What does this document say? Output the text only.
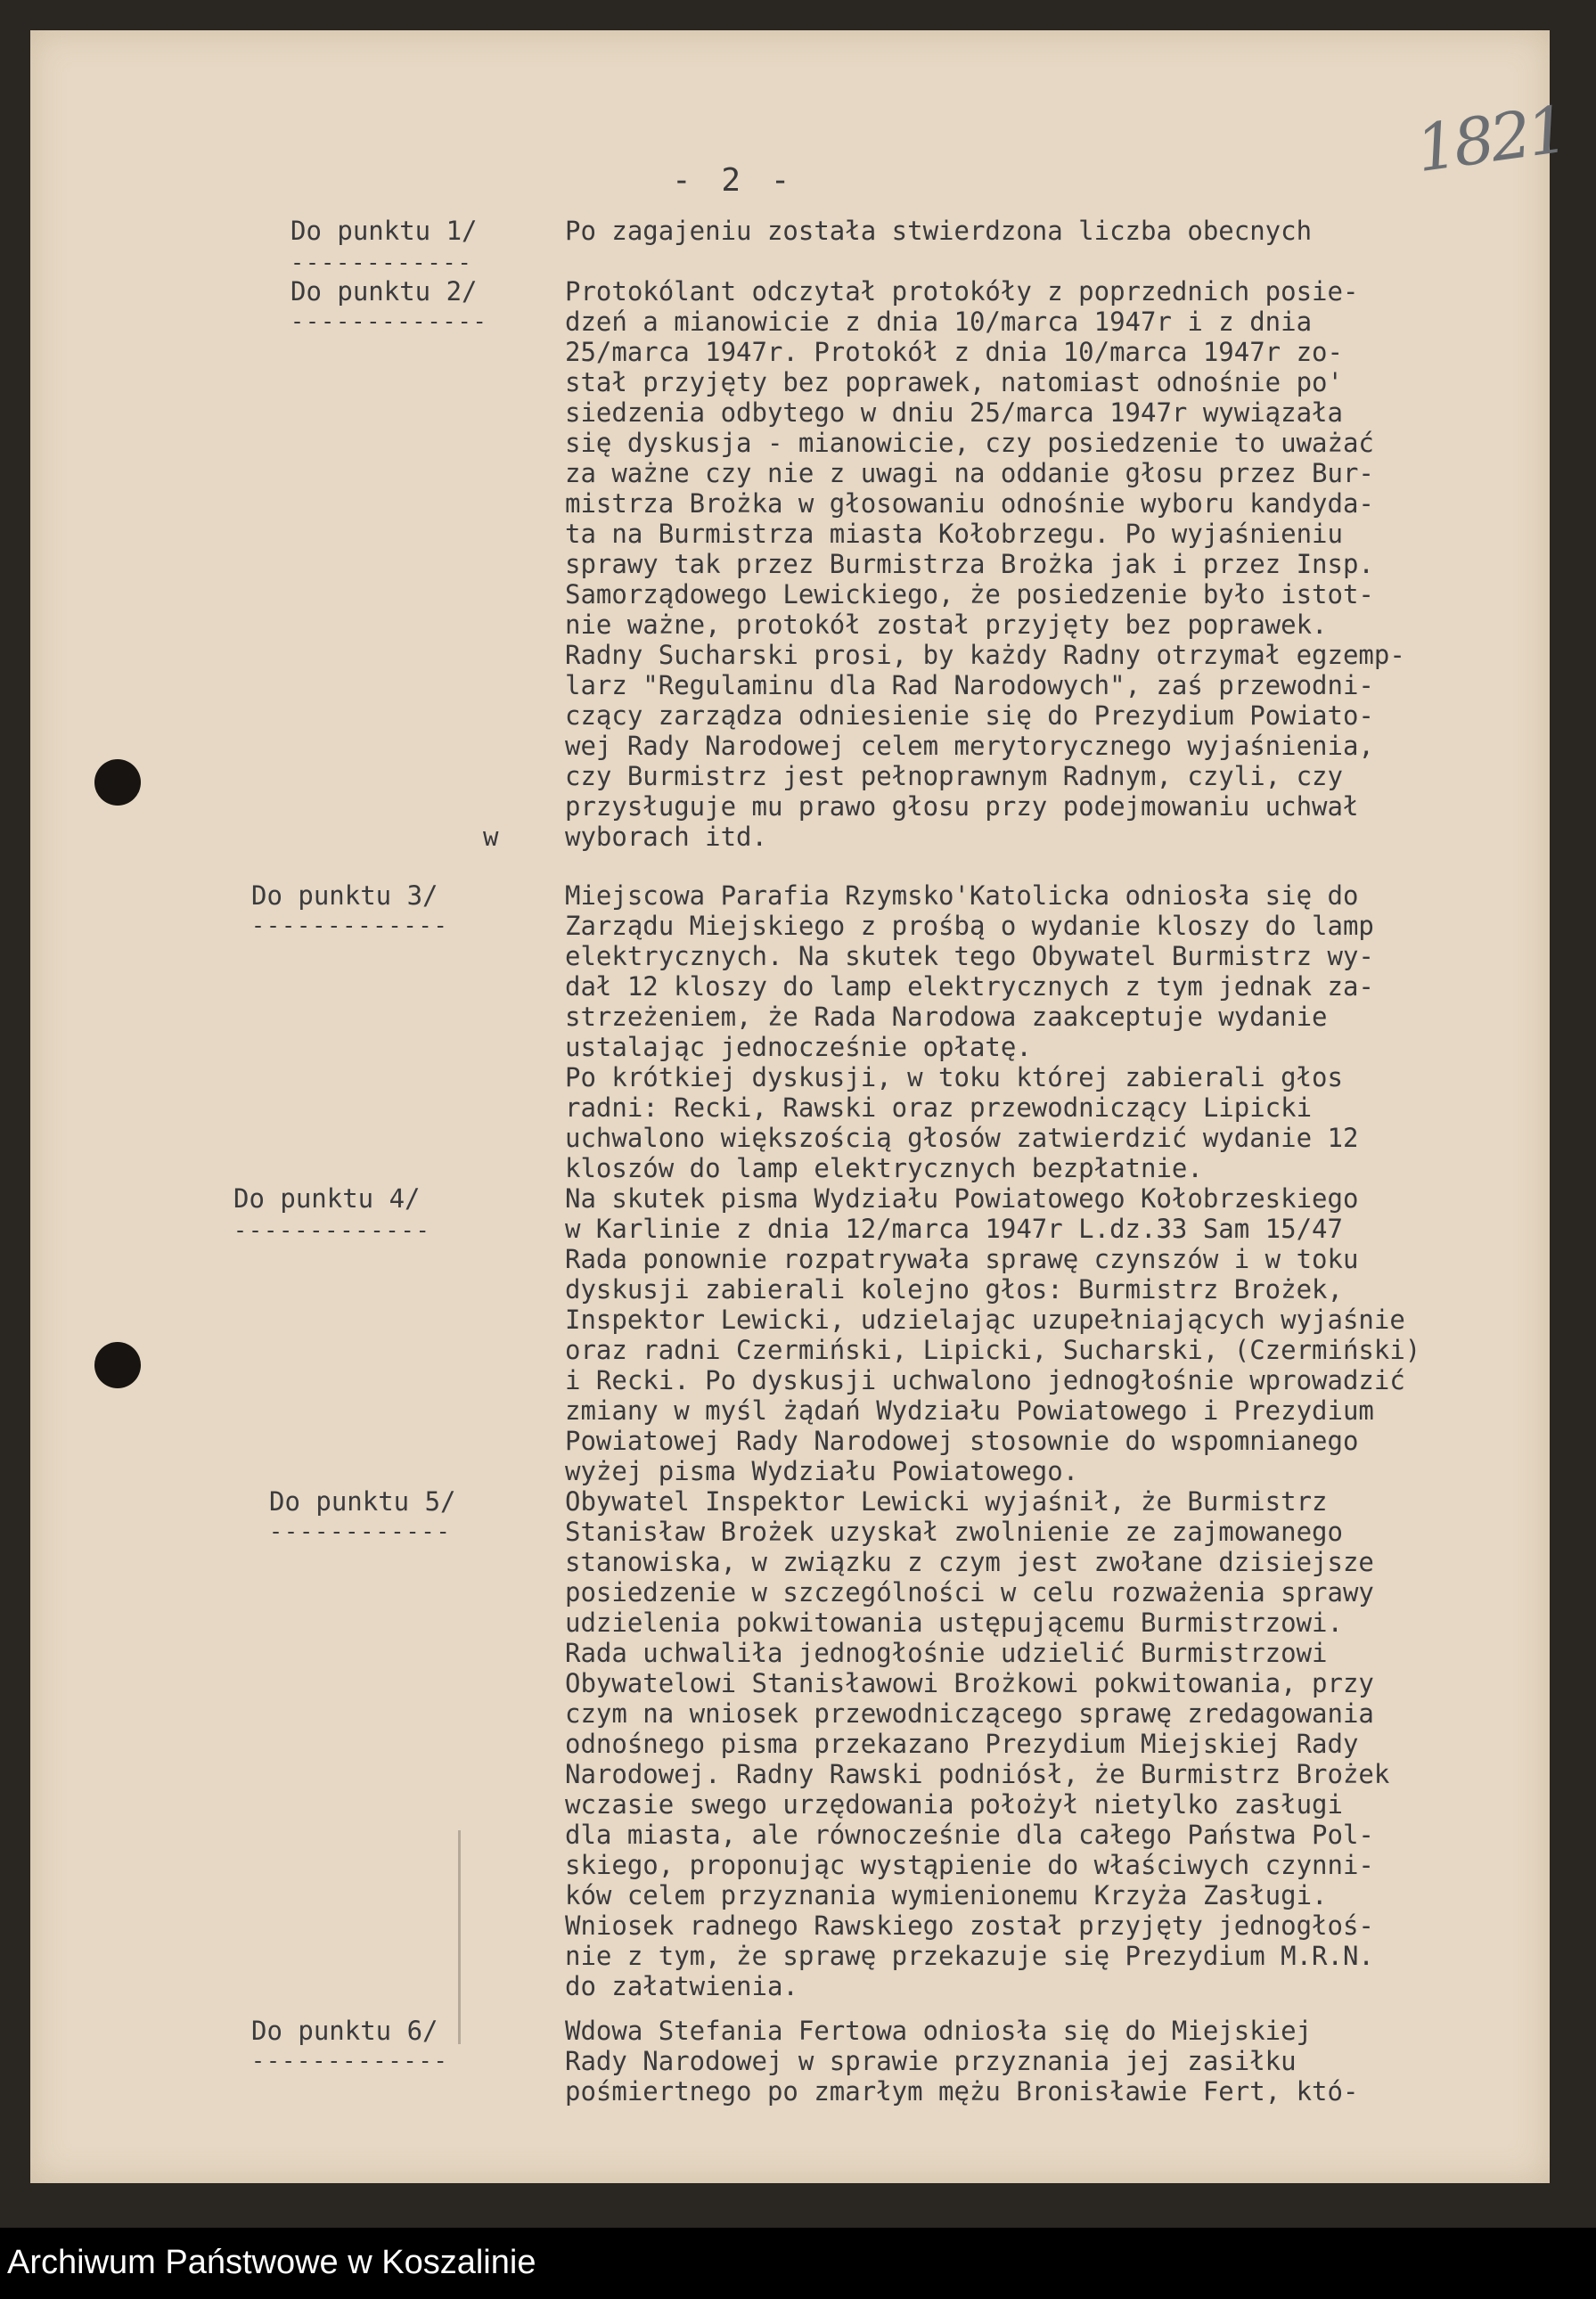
- 2 -	1821
Do punktu 1/
------------
Po zagajeniu została stwierdzona liczba obecnych
Do punktu 2/
-------------
Protokólant odczytał protokóły z poprzednich posie-
dzeń a mianowicie z dnia 10/marca 1947r i z dnia
25/marca 1947r. Protokół z dnia 10/marca 1947r zo-
stał przyjęty bez poprawek, natomiast odnośnie po'
siedzenia odbytego w dniu 25/marca 1947r wywiązała
się dyskusja - mianowicie, czy posiedzenie to uważać
za ważne czy nie z uwagi na oddanie głosu przez Bur-
mistrza Brożka w głosowaniu odnośnie wyboru kandyda-
ta na Burmistrza miasta Kołobrzegu. Po wyjaśnieniu
sprawy tak przez Burmistrza Brożka jak i przez Insp.
Samorządowego Lewickiego, że posiedzenie było istot-
nie ważne, protokół został przyjęty bez poprawek.
Radny Sucharski prosi, by każdy Radny otrzymał egzemp-
larz "Regulaminu dla Rad Narodowych", zaś przewodni-
czący zarządza odniesienie się do Prezydium Powiato-
wej Rady Narodowej celem merytorycznego wyjaśnienia,
czy Burmistrz jest pełnoprawnym Radnym, czyli, czy
przysługuje mu prawo głosu przy podejmowaniu uchwał
w	wyborach itd.
Do punktu 3/
-------------
Miejscowa Parafia Rzymsko'Katolicka odniosła się do
Zarządu Miejskiego z prośbą o wydanie kloszy do lamp
elektrycznych. Na skutek tego Obywatel Burmistrz wy-
dał 12 kloszy do lamp elektrycznych z tym jednak za-
strzeżeniem, że Rada Narodowa zaakceptuje wydanie
ustalając jednocześnie opłatę.
Po krótkiej dyskusji, w toku której zabierali głos
radni: Recki, Rawski oraz przewodniczący Lipicki
uchwalono większością głosów zatwierdzić wydanie 12
kloszów do lamp elektrycznych bezpłatnie.
Do punktu 4/
-------------
Na skutek pisma Wydziału Powiatowego Kołobrzeskiego
w Karlinie z dnia 12/marca 1947r L.dz.33 Sam 15/47
Rada ponownie rozpatrywała sprawę czynszów i w toku
dyskusji zabierali kolejno głos: Burmistrz Brożek,
Inspektor Lewicki, udzielając uzupełniających wyjaśnie
oraz radni Czermiński, Lipicki, Sucharski, (Czermiński)
i Recki. Po dyskusji uchwalono jednogłośnie wprowadzić
zmiany w myśl żądań Wydziału Powiatowego i Prezydium
Powiatowej Rady Narodowej stosownie do wspomnianego
wyżej pisma Wydziału Powiatowego.
Do punktu 5/
------------
Obywatel Inspektor Lewicki wyjaśnił, że Burmistrz
Stanisław Brożek uzyskał zwolnienie ze zajmowanego
stanowiska, w związku z czym jest zwołane dzisiejsze
posiedzenie w szczególności w celu rozważenia sprawy
udzielenia pokwitowania ustępującemu Burmistrzowi.
Rada uchwaliła jednogłośnie udzielić Burmistrzowi
Obywatelowi Stanisławowi Brożkowi pokwitowania, przy
czym na wniosek przewodniczącego sprawę zredagowania
odnośnego pisma przekazano Prezydium Miejskiej Rady
Narodowej. Radny Rawski podniósł, że Burmistrz Brożek
wczasie swego urzędowania położył nietylko zasługi
dla miasta, ale równocześnie dla całego Państwa Pol-
skiego, proponując wystąpienie do właściwych czynni-
ków celem przyznania wymienionemu Krzyża Zasługi.
Wniosek radnego Rawskiego został przyjęty jednogłoś-
nie z tym, że sprawę przekazuje się Prezydium M.R.N.
do załatwienia.
Do punktu 6/
-------------
Wdowa Stefania Fertowa odniosła się do Miejskiej
Rady Narodowej w sprawie przyznania jej zasiłku
pośmiertnego po zmarłym mężu Bronisławie Fert, któ-
Archiwum Państwowe w Koszalinie
